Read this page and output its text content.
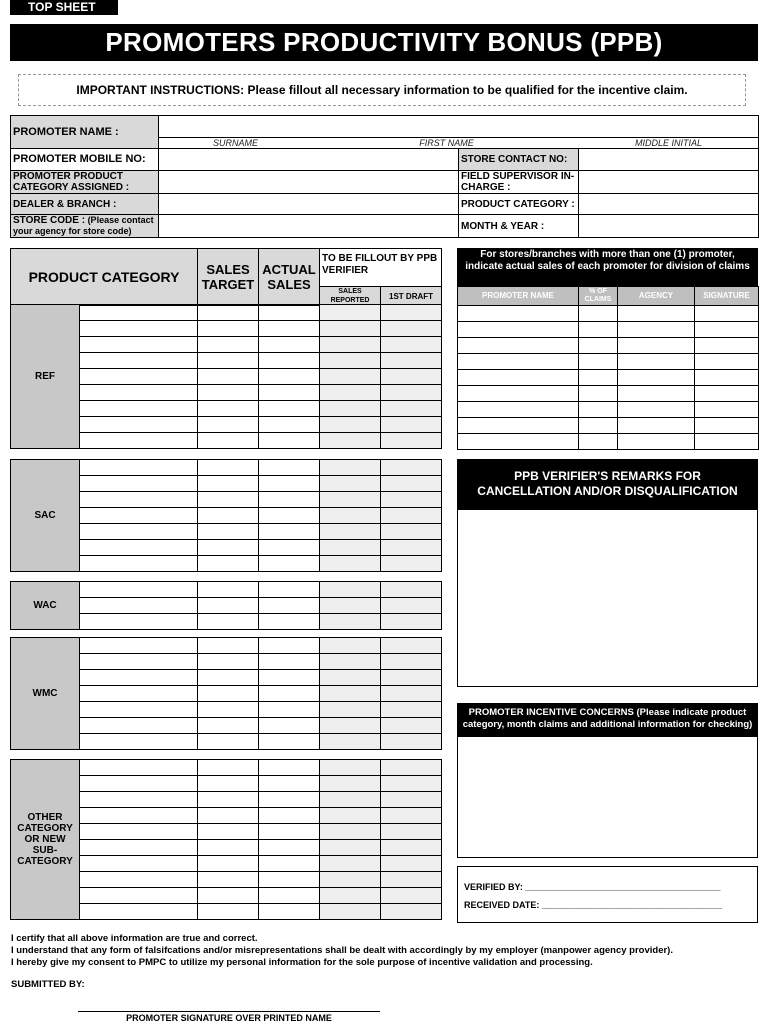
TOP SHEET
PROMOTERS PRODUCTIVITY BONUS (PPB)
IMPORTANT INSTRUCTIONS: Please fillout all necessary information to be qualified for the incentive claim.
PROMOTER NAME :			

	SURNAME FIRST NAME MIDDLE INITIAL		

PROMOTER MOBILE NO:		STORE CONTACT NO:	
PROMOTER PRODUCT CATEGORY ASSIGNED :		FIELD SUPERVISOR IN-CHARGE :	
DEALER & BRANCH :		PRODUCT CATEGORY :	
STORE CODE : (Please contact your agency for store code)		MONTH & YEAR :	
PRODUCT CATEGORY	SALES TARGET	ACTUAL SALES	TO BE FILLOUT BY PPB VERIFIER	
			SALES REPORTED	1ST DRAFT
REF					

SAC					

WAC					

WMC					

OTHER CATEGORY OR NEW SUB-CATEGORY					

For stores/branches with more than one (1) promoter, indicate actual sales of each promoter for division of claims
PROMOTER NAME	% OF CLAIMS	AGENCY	SIGNATURE

PPB VERIFIER'S REMARKS FOR CANCELLATION AND/OR DISQUALIFICATION
PROMOTER INCENTIVE CONCERNS (Please indicate product category, month claims and additional information for checking)
VERIFIED BY: _______________________________________
RECEIVED DATE: ____________________________________
I certify that all above information are true and correct.
I understand that any form of falsifcations and/or misrepresentations shall be dealt with accordingly by my employer (manpower agency provider).
I hereby give my consent to PMPC to utilize my personal information for the sole purpose of incentive validation and processing.
SUBMITTED BY:
PROMOTER SIGNATURE OVER PRINTED NAME
